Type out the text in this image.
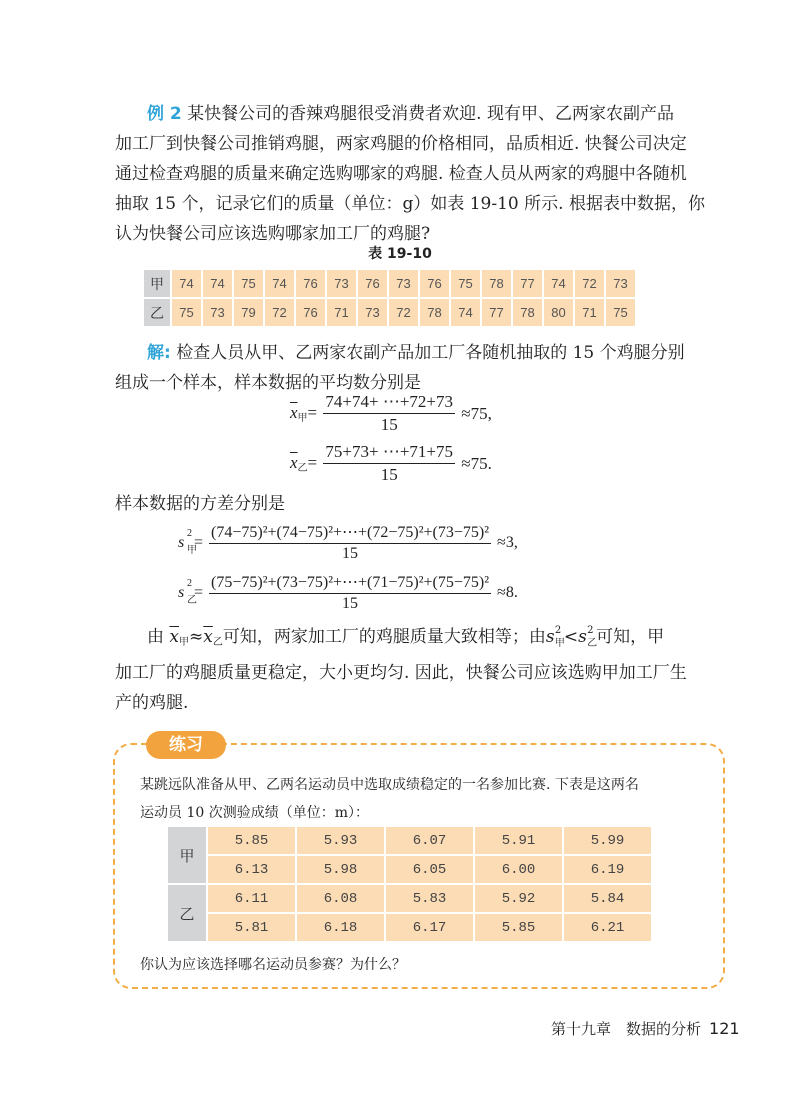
例 2 某快餐公司的香辣鸡腿很受消费者欢迎. 现有甲、乙两家农副产品
加工厂到快餐公司推销鸡腿，两家鸡腿的价格相同，品质相近. 快餐公司决定
通过检查鸡腿的质量来确定选购哪家的鸡腿. 检查人员从两家的鸡腿中各随机
抽取 15 个，记录它们的质量（单位：g）如表 19-10 所示. 根据表中数据，你
认为快餐公司应该选购哪家加工厂的鸡腿?

表 19-10
甲	74	74	75	74	76	73	76	73	76	75	78	77	74	72	73
乙	75	73	79	72	76	71	73	72	78	74	77	78	80	71	75

解: 检查人员从甲、乙两家农副产品加工厂各随机抽取的 15 个鸡腿分别
组成一个样本，样本数据的平均数分别是

$\overline{x}_甲= \frac{74+74+ \cdots+72+73}{15} \approx 75$,
$\overline{x}_乙= \frac{75+73+ \cdots+71+75}{15} \approx 75$.

样本数据的方差分别是

s
2
甲
= $\frac{\text{(74−75)²+(74−75)²+⋯+(72−75)²+(73−75)²}}{15} \approx 3$,
s
2
乙
= $\frac{\text{(75−75)²+(73−75)²+⋯+(71−75)²+(75−75)²}}{15} \approx 8$.

由 $\overline{x}_甲\approx\overline{x}_乙$可知，两家加工厂的鸡腿质量大致相等；由s 2
甲 <s 2
乙 可知，甲
加工厂的鸡腿质量更稳定，大小更均匀. 因此，快餐公司应该选购甲加工厂生
产的鸡腿.

练习

某跳远队准备从甲、乙两名运动员中选取成绩稳定的一名参加比赛. 下表是这两名
运动员 10 次测验成绩（单位：m）：

甲	5.85	5.93	6.07	5.91	5.99
	6.13	5.98	6.05	6.00	6.19
乙	6.11	6.08	5.83	5.92	5.84
	5.81	6.18	6.17	5.85	6.21

你认为应该选择哪名运动员参赛？为什么？

第十九章　数据的分析 121
